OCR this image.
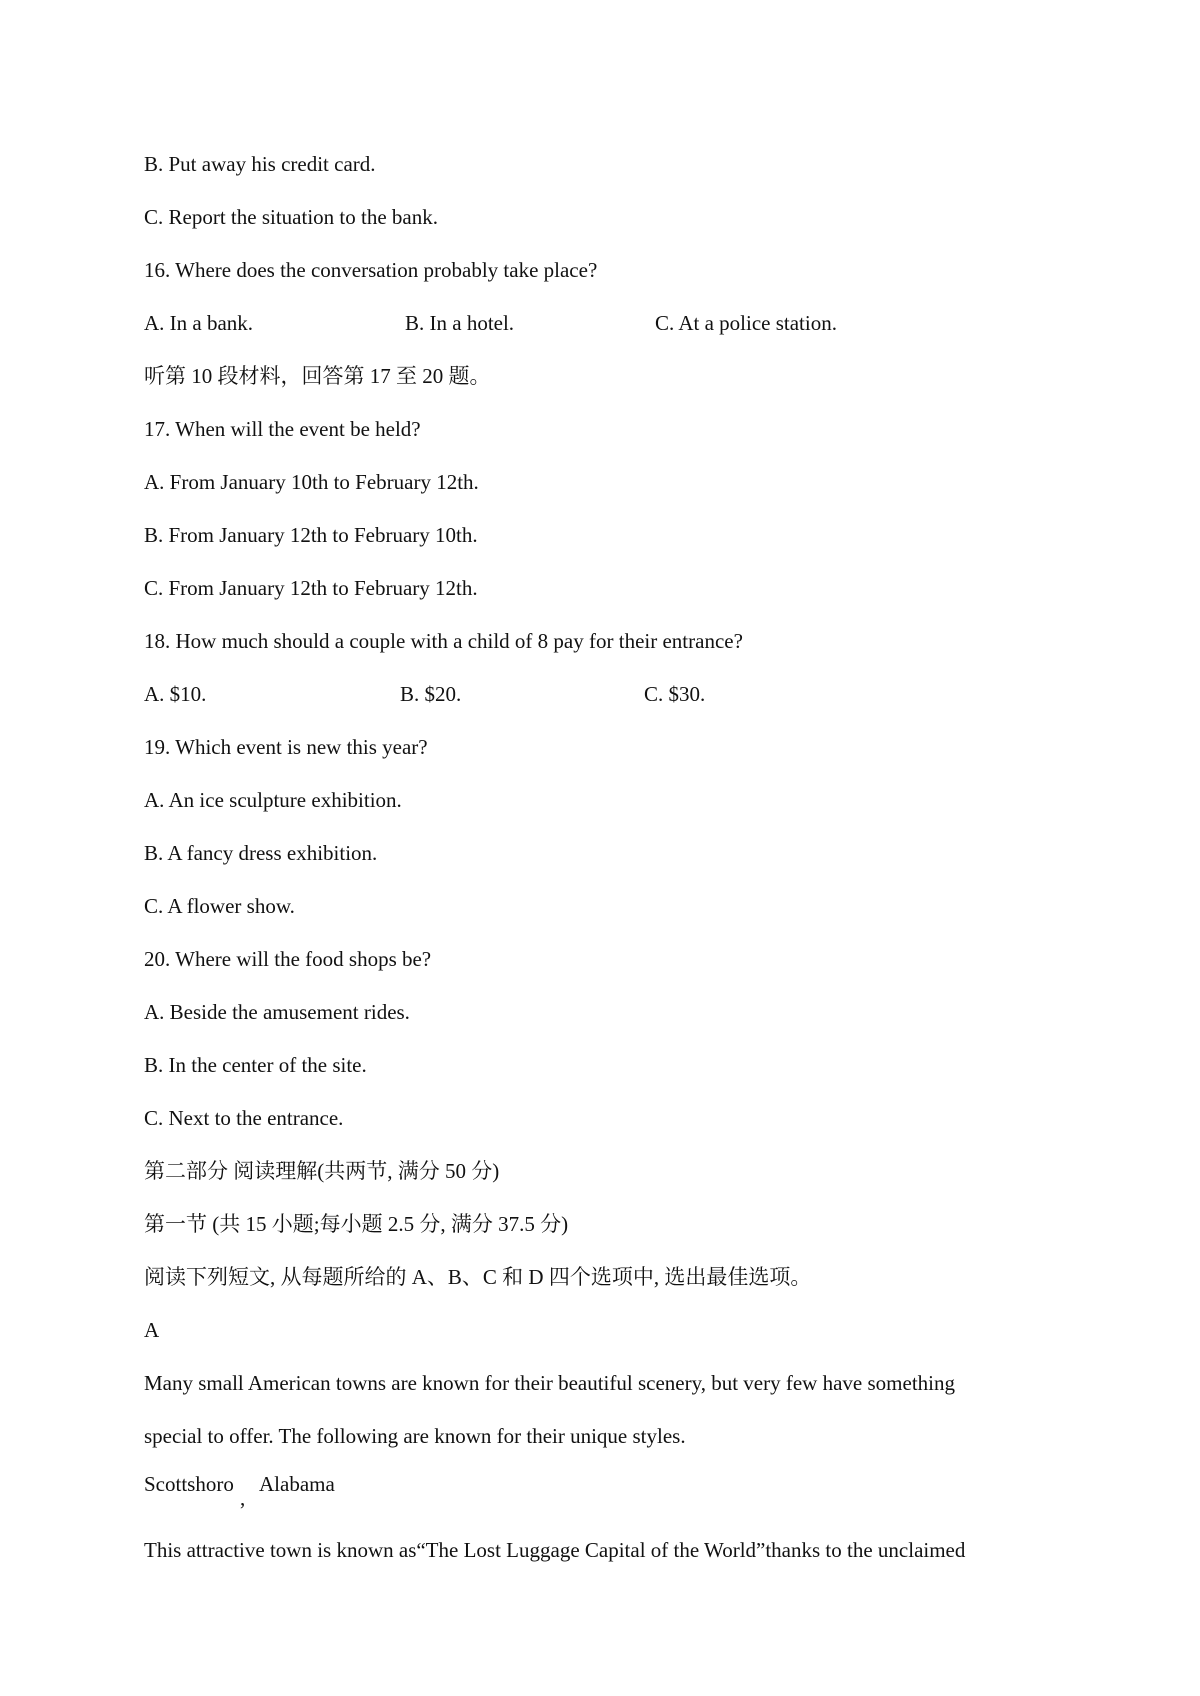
B. Put away his credit card.
C. Report the situation to the bank.
16. Where does the conversation probably take place?
A. In a bank.	B. In a hotel.	C. At a police station.
听第 10 段材料，回答第 17 至 20 题。
17. When will the event be held?
A. From January 10th to February 12th.
B. From January 12th to February 10th.
C. From January 12th to February 12th.
18. How much should a couple with a child of 8 pay for their entrance?
A. $10.	B. $20.	C. $30.
19. Which event is new this year?
A. An ice sculpture exhibition.
B. A fancy dress exhibition.
C. A flower show.
20. Where will the food shops be?
A. Beside the amusement rides.
B. In the center of the site.
C. Next to the entrance.
第二部分 阅读理解(共两节, 满分 50 分)
第一节 (共 15 小题;每小题 2.5 分, 满分 37.5 分)
阅读下列短文, 从每题所给的 A、B、C 和 D 四个选项中, 选出最佳选项。
A
Many small American towns are known for their beautiful scenery, but very few have something
special to offer. The following are known for their unique styles.
Scottshoro
,
Alabama
This attractive town is known as“The Lost Luggage Capital of the World”thanks to the unclaimed
